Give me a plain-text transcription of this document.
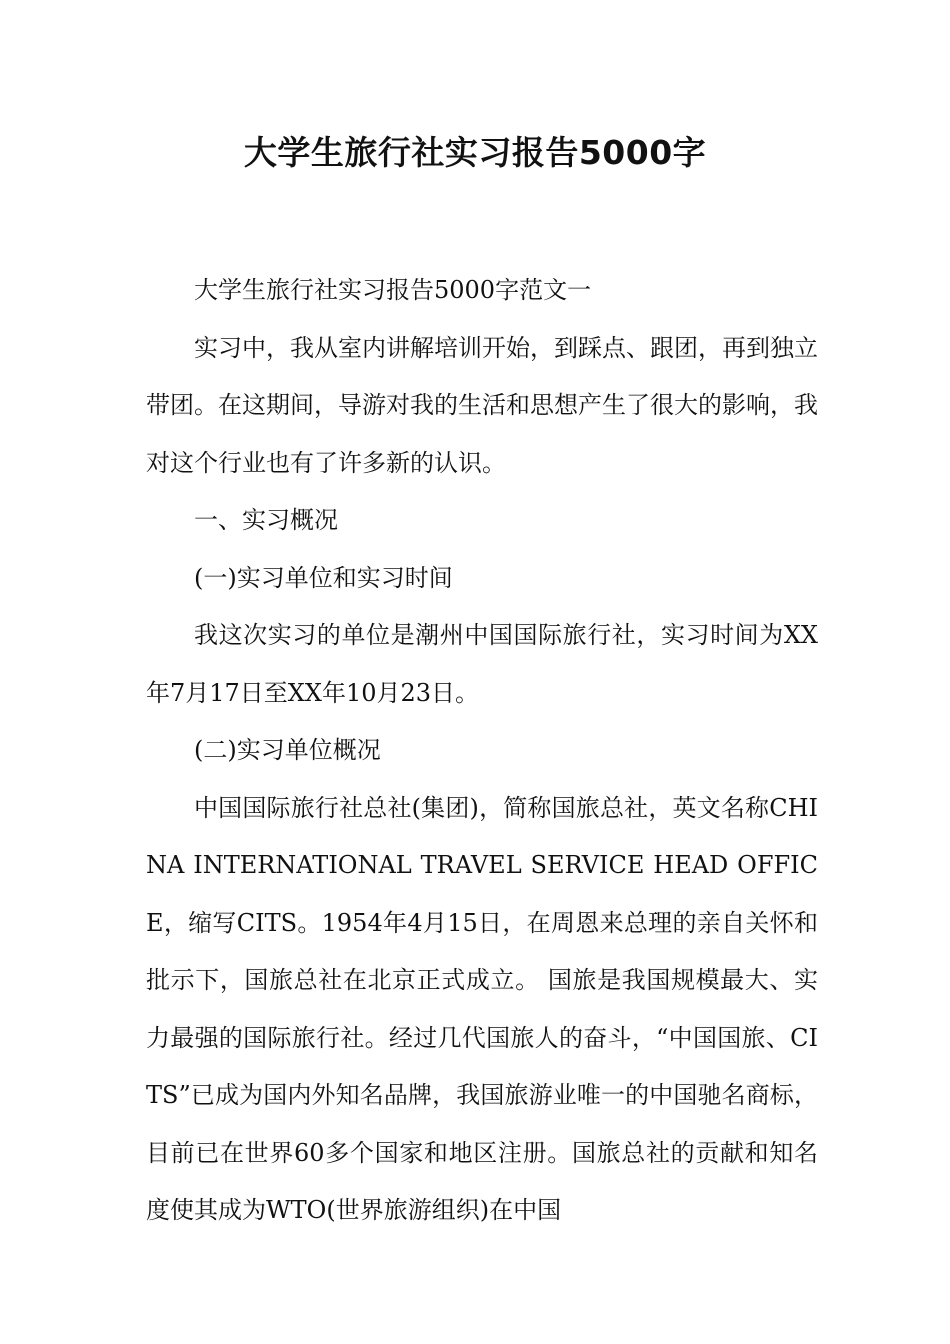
大学生旅行社实习报告5000字

大学生旅行社实习报告5000字范文一

实习中，我从室内讲解培训开始，到踩点、跟团，再到独立带团。在这期间，导游对我的生活和思想产生了很大的影响，我对这个行业也有了许多新的认识。

一、实习概况

(一)实习单位和实习时间

我这次实习的单位是潮州中国国际旅行社，实习时间为XX年7月17日至XX年10月23日。

(二)实习单位概况

中国国际旅行社总社(集团)，简称国旅总社，英文名称CHINA INTERNATIONAL TRAVEL SERVICE HEAD OFFICE，缩写CITS。1954年4月15日，在周恩来总理的亲自关怀和批示下，国旅总社在北京正式成立。 国旅是我国规模最大、实力最强的国际旅行社。经过几代国旅人的奋斗，“中国国旅、CITS”已成为国内外知名品牌，我国旅游业唯一的中国驰名商标，目前已在世界60多个国家和地区注册。国旅总社的贡献和知名度使其成为WTO(世界旅游组织)在中国
